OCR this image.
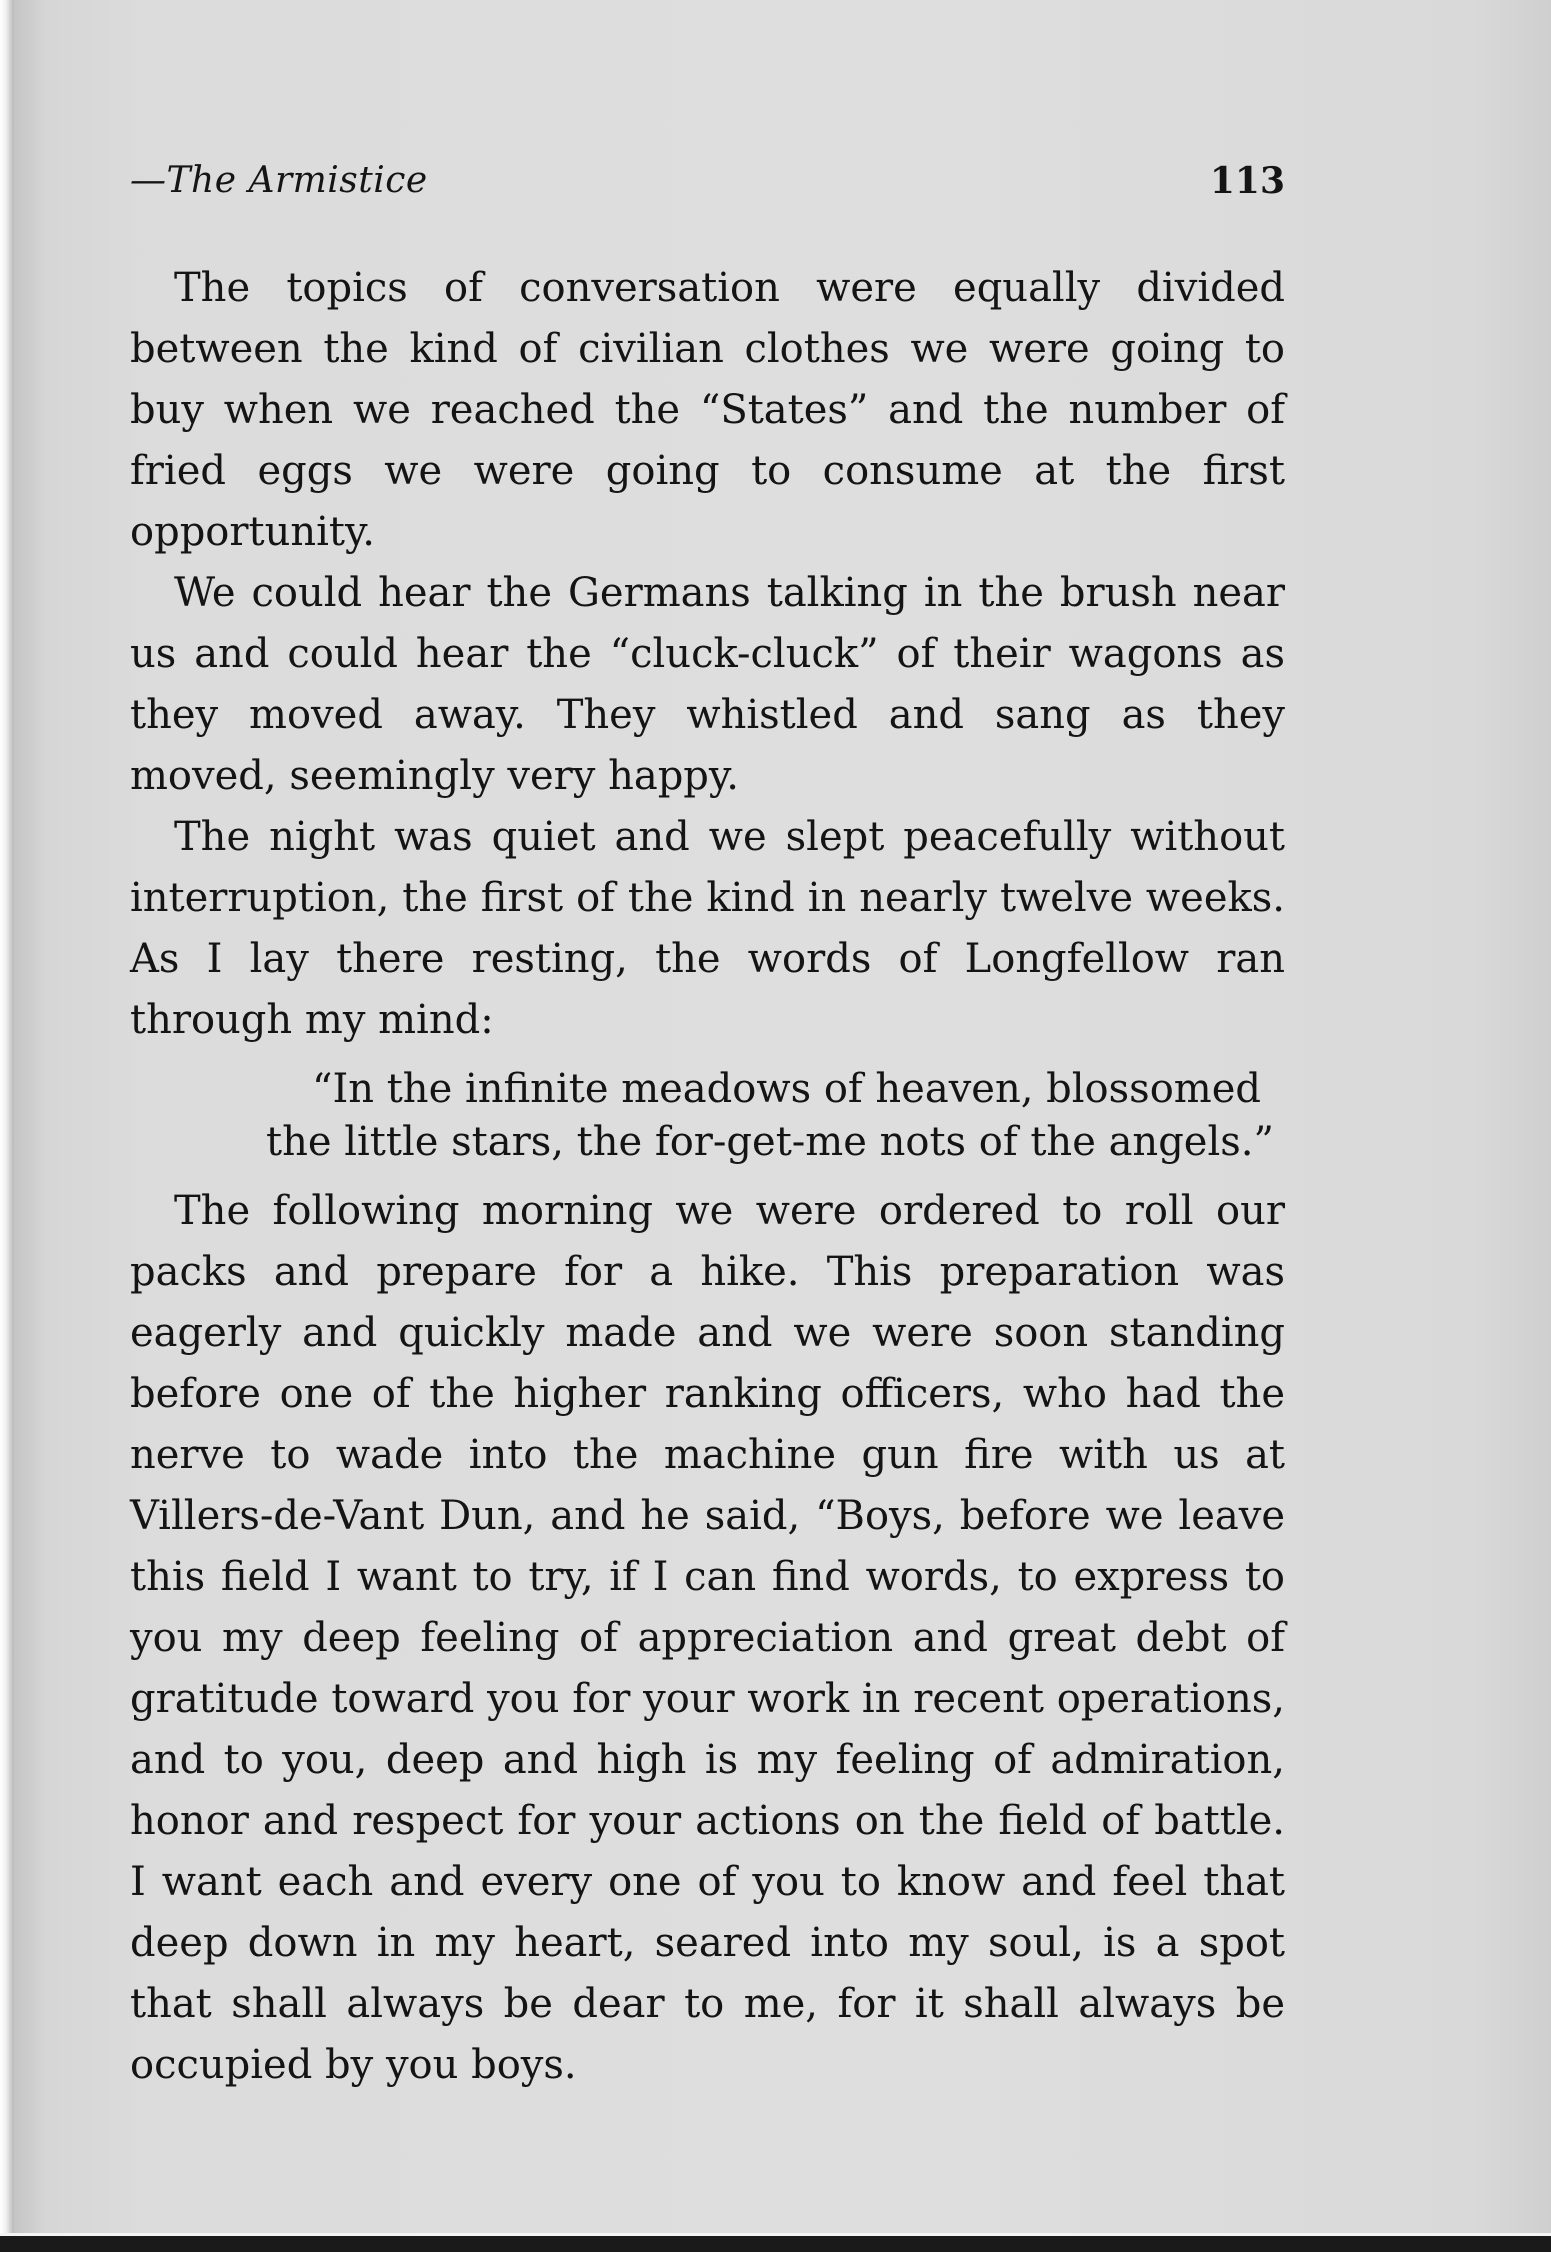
—The Armistice	113

The topics of conversation were equally divided between the kind of civilian clothes we were going to buy when we reached the “States” and the number of fried eggs we were going to consume at the first opportunity.

We could hear the Germans talking in the brush near us and could hear the “cluck-cluck” of their wagons as they moved away. They whistled and sang as they moved, seemingly very happy.

The night was quiet and we slept peacefully without interruption, the first of the kind in nearly twelve weeks. As I lay there resting, the words of Longfellow ran through my mind:

“In the infinite meadows of heaven, blossomed
the little stars, the for-get-me nots of the angels.”

The following morning we were ordered to roll our packs and prepare for a hike. This preparation was eagerly and quickly made and we were soon standing before one of the higher ranking officers, who had the nerve to wade into the machine gun fire with us at Villers-de-Vant Dun, and he said, “Boys, before we leave this field I want to try, if I can find words, to express to you my deep feeling of appreciation and great debt of gratitude toward you for your work in recent operations, and to you, deep and high is my feeling of admiration, honor and respect for your actions on the field of battle. I want each and every one of you to know and feel that deep down in my heart, seared into my soul, is a spot that shall always be dear to me, for it shall always be occupied by you boys.
